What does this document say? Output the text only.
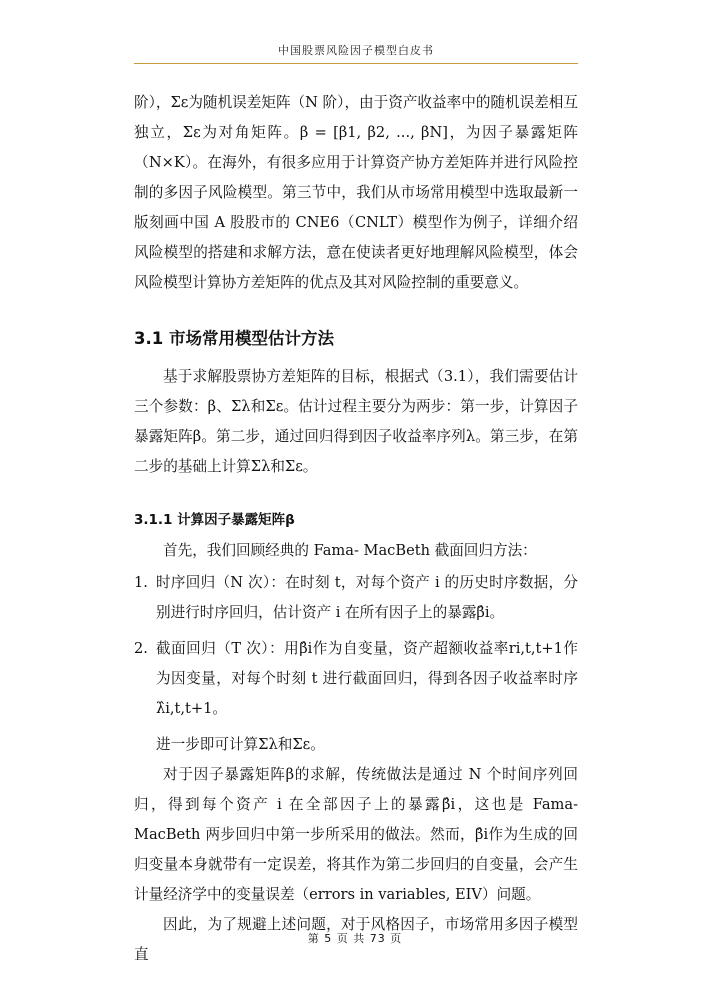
中国股票风险因子模型白皮书

阶），Σε为随机误差矩阵（N 阶），由于资产收益率中的随机误差相互独立，Σε为对角矩阵。β = [β1, β2, ..., βN]，为因子暴露矩阵（N×K）。在海外，有很多应用于计算资产协方差矩阵并进行风险控制的多因子风险模型。第三节中，我们从市场常用模型中选取最新一版刻画中国 A 股股市的 CNE6（CNLT）模型作为例子，详细介绍风险模型的搭建和求解方法，意在使读者更好地理解风险模型，体会风险模型计算协方差矩阵的优点及其对风险控制的重要意义。

3.1 市场常用模型估计方法

基于求解股票协方差矩阵的目标，根据式（3.1），我们需要估计三个参数：β、Σλ和Σε。估计过程主要分为两步：第一步，计算因子暴露矩阵β。第二步，通过回归得到因子收益率序列λ。第三步，在第二步的基础上计算Σλ和Σε。

3.1.1 计算因子暴露矩阵β

首先，我们回顾经典的 Fama- MacBeth 截面回归方法：

1. 时序回归（N 次）：在时刻 t，对每个资产 i 的历史时序数据，分别进行时序回归，估计资产 i 在所有因子上的暴露β̂i。
2. 截面回归（T 次）：用β̂i作为自变量，资产超额收益率ri,t,t+1作为因变量，对每个时刻 t 进行截面回归，得到各因子收益率时序λ̂i,t,t+1。

进一步即可计算Σλ和Σε。

对于因子暴露矩阵β的求解，传统做法是通过 N 个时间序列回归，得到每个资产 i 在全部因子上的暴露β̂i，这也是 Fama-MacBeth 两步回归中第一步所采用的做法。然而，β̂i作为生成的回归变量本身就带有一定误差，将其作为第二步回归的自变量，会产生计量经济学中的变量误差（errors in variables, EIV）问题。

因此，为了规避上述问题，对于风格因子，市场常用多因子模型直

第 5 页 共 73 页
